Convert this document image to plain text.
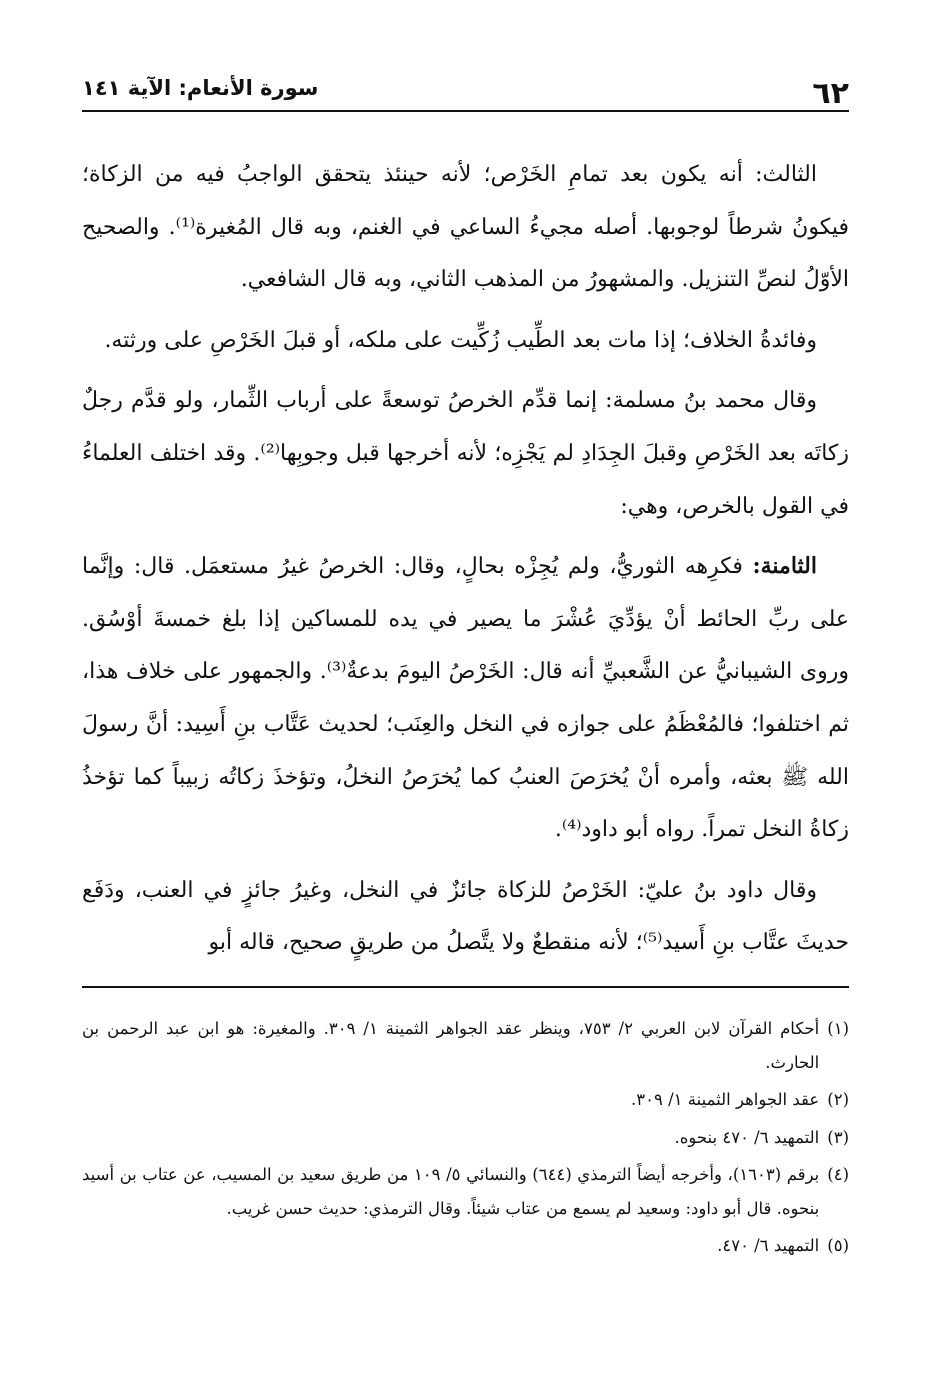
٦٢
سورة الأنعام: الآية ١٤١

الثالث: أنه يكون بعد تمامِ الخَرْص؛ لأنه حينئذ يتحقق الواجبُ فيه من الزكاة؛ فيكونُ شرطاً لوجوبها. أصله مجيءُ الساعي في الغنم، وبه قال المُغيرة⁽¹⁾. والصحيح الأوّلُ لنصِّ التنزيل. والمشهورُ من المذهب الثاني، وبه قال الشافعي.

وفائدةُ الخلاف؛ إذا مات بعد الطِّيب زُكِّيت على ملكه، أو قبلَ الخَرْصِ على ورثته.

وقال محمد بنُ مسلمة: إنما قدِّم الخرصُ توسعةً على أرباب الثِّمار، ولو قدَّم رجلٌ زكاتَه بعد الخَرْصِ وقبلَ الجِدَادِ لم يَجْزِه؛ لأنه أخرجها قبل وجوبِها⁽²⁾. وقد اختلف العلماءُ في القول بالخرص، وهي:

الثامنة: فكرِهه الثوريُّ، ولم يُجِزْه بحالٍ، وقال: الخرصُ غيرُ مستعمَل. قال: وإنَّما على ربِّ الحائط أنْ يؤدِّيَ عُشْرَ ما يصير في يده للمساكين إذا بلغ خمسةَ أوْسُق. وروى الشيبانيُّ عن الشَّعبيِّ أنه قال: الخَرْصُ اليومَ بدعةٌ⁽³⁾. والجمهور على خلاف هذا، ثم اختلفوا؛ فالمُعْظَمُ على جوازه في النخل والعِنَب؛ لحديث عَتَّاب بنِ أَسِيد: أنَّ رسولَ الله ﷺ بعثه، وأمره أنْ يُخرَصَ العنبُ كما يُخرَصُ النخلُ، وتؤخذَ زكاتُه زبيباً كما تؤخذُ زكاةُ النخل تمراً. رواه أبو داود⁽⁴⁾.

وقال داود بنُ عليّ: الخَرْصُ للزكاة جائزٌ في النخل، وغيرُ جائزٍ في العنب، ودَفَع حديثَ عتَّاب بنِ أَسيد⁽⁵⁾؛ لأنه منقطعٌ ولا يتَّصلُ من طريقٍ صحيح، قاله أبو

(١)
أحكام القرآن لابن العربي ٢/ ٧٥٣، وينظر عقد الجواهر الثمينة ١/ ٣٠٩. والمغيرة: هو ابن عبد الرحمن بن الحارث.
(٢)
عقد الجواهر الثمينة ١/ ٣٠٩.
(٣)
التمهيد ٦/ ٤٧٠ بنحوه.
(٤)
برقم (١٦٠٣)، وأخرجه أيضاً الترمذي (٦٤٤) والنسائي ٥/ ١٠٩ من طريق سعيد بن المسيب، عن عتاب بن أسيد بنحوه. قال أبو داود: وسعيد لم يسمع من عتاب شيئاً. وقال الترمذي: حديث حسن غريب.
(٥)
التمهيد ٦/ ٤٧٠.
